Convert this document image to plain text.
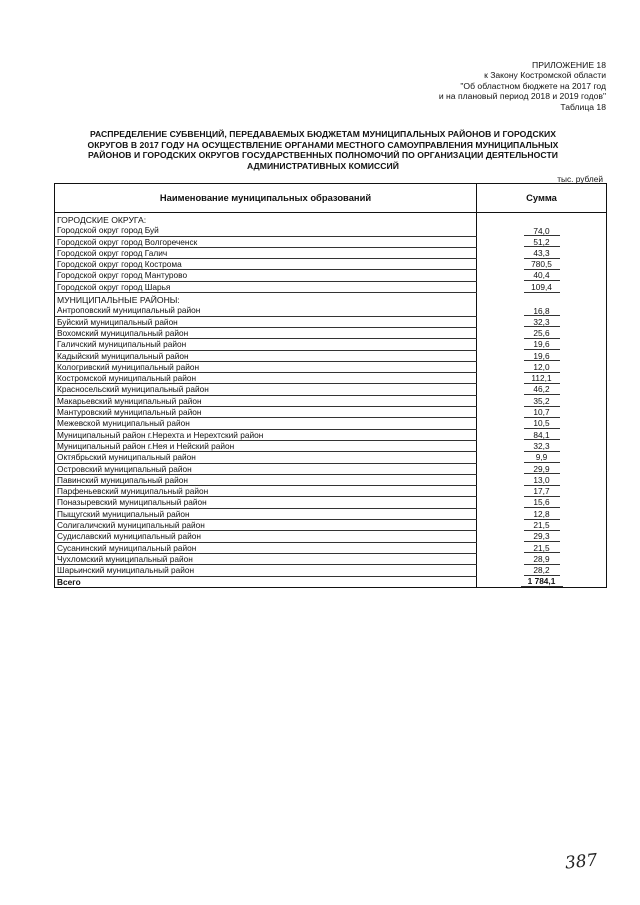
ПРИЛОЖЕНИЕ 18
к Закону Костромской области
"Об областном бюджете на 2017 год
и на плановый период 2018 и 2019 годов"
Таблица 18
РАСПРЕДЕЛЕНИЕ СУБВЕНЦИЙ, ПЕРЕДАВАЕМЫХ БЮДЖЕТАМ МУНИЦИПАЛЬНЫХ РАЙОНОВ И ГОРОДСКИХ
ОКРУГОВ В 2017 ГОДУ НА ОСУЩЕСТВЛЕНИЕ ОРГАНАМИ МЕСТНОГО САМОУПРАВЛЕНИЯ МУНИЦИПАЛЬНЫХ
РАЙОНОВ И ГОРОДСКИХ ОКРУГОВ ГОСУДАРСТВЕННЫХ ПОЛНОМОЧИЙ ПО ОРГАНИЗАЦИИ ДЕЯТЕЛЬНОСТИ
АДМИНИСТРАТИВНЫХ КОМИССИЙ
тыс. рублей
Наименование муниципальных образований	Сумма
ГОРОДСКИЕ ОКРУГА:	
Городской округ город Буй	74,0
Городской округ город Волгореченск	51,2
Городской округ город Галич	43,3
Городской округ город Кострома	780,5
Городской округ город Мантурово	40,4
Городской округ город Шарья	109,4
МУНИЦИПАЛЬНЫЕ РАЙОНЫ:	
Антроповский муниципальный район	16,8
Буйский муниципальный район	32,3
Вохомский муниципальный район	25,6
Галичский муниципальный район	19,6
Кадыйский муниципальный район	19,6
Кологривский муниципальный район	12,0
Костромской муниципальный район	112,1
Красносельский муниципальный район	46,2
Макарьевский муниципальный район	35,2
Мантуровский муниципальный район	10,7
Межевской муниципальный район	10,5
Муниципальный район г.Нерехта и Нерехтский район	84,1
Муниципальный район г.Нея и Нейский район	32,3
Октябрьский муниципальный район	9,9
Островский муниципальный район	29,9
Павинский муниципальный район	13,0
Парфеньевский муниципальный район	17,7
Поназыревский муниципальный район	15,6
Пыщугский муниципальный район	12,8
Солигаличский муниципальный район	21,5
Судиславский муниципальный район	29,3
Сусанинский муниципальный район	21,5
Чухломский муниципальный район	28,9
Шарьинский муниципальный район	28,2
Всего	1 784,1
387
